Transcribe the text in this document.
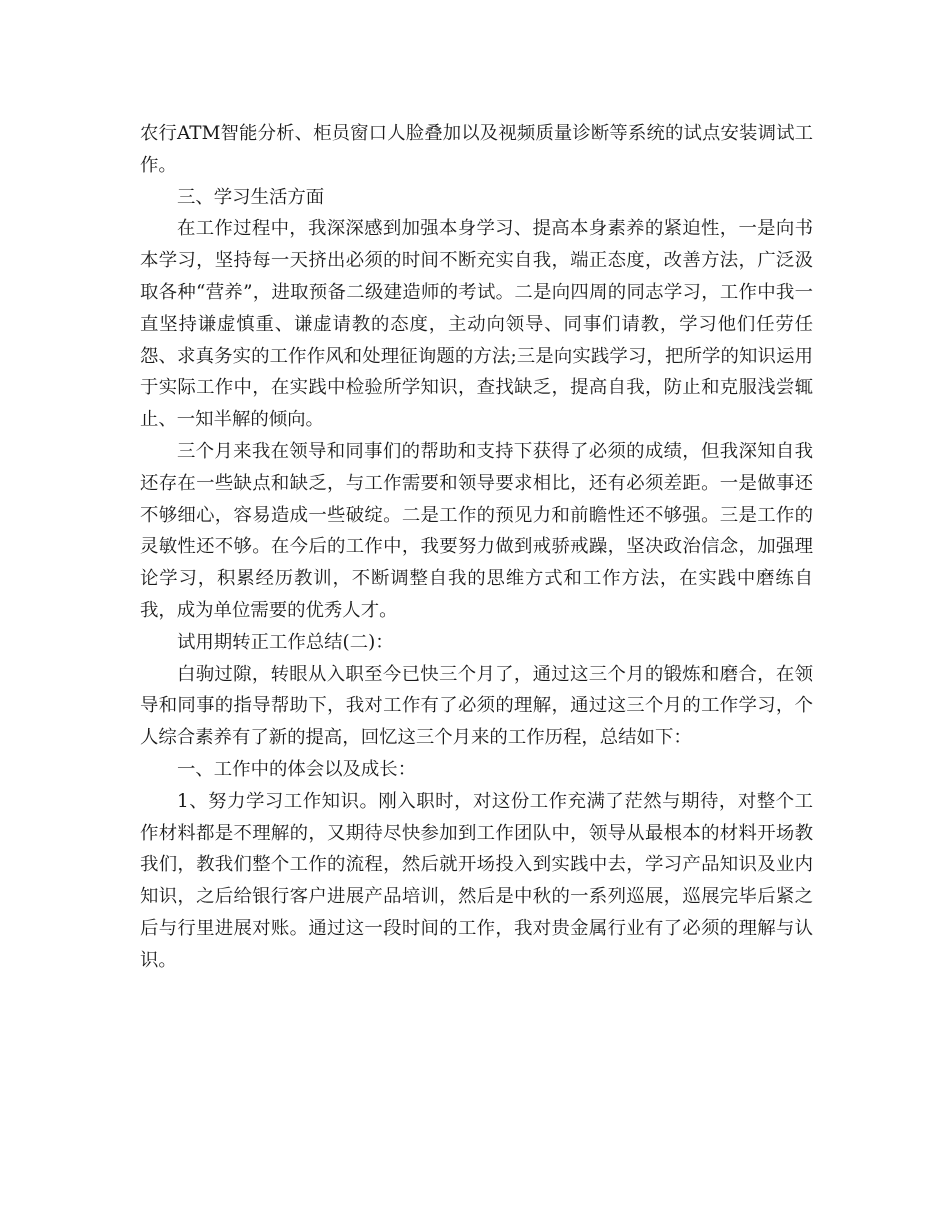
农行ATM智能分析、柜员窗口人脸叠加以及视频质量诊断等系统的试点安装调试工作。

三、学习生活方面

在工作过程中，我深深感到加强本身学习、提高本身素养的紧迫性，一是向书本学习，坚持每一天挤出必须的时间不断充实自我，端正态度，改善方法，广泛汲取各种“营养”，进取预备二级建造师的考试。二是向四周的同志学习，工作中我一直坚持谦虚慎重、谦虚请教的态度，主动向领导、同事们请教，学习他们任劳任怨、求真务实的工作作风和处理征询题的方法;三是向实践学习，把所学的知识运用于实际工作中，在实践中检验所学知识，查找缺乏，提高自我，防止和克服浅尝辄止、一知半解的倾向。

三个月来我在领导和同事们的帮助和支持下获得了必须的成绩，但我深知自我还存在一些缺点和缺乏，与工作需要和领导要求相比，还有必须差距。一是做事还不够细心，容易造成一些破绽。二是工作的预见力和前瞻性还不够强。三是工作的灵敏性还不够。在今后的工作中，我要努力做到戒骄戒躁，坚决政治信念，加强理论学习，积累经历教训，不断调整自我的思维方式和工作方法，在实践中磨练自我，成为单位需要的优秀人才。

试用期转正工作总结(二)：

白驹过隙，转眼从入职至今已快三个月了，通过这三个月的锻炼和磨合，在领导和同事的指导帮助下，我对工作有了必须的理解，通过这三个月的工作学习，个人综合素养有了新的提高，回忆这三个月来的工作历程，总结如下：

一、工作中的体会以及成长：

1、努力学习工作知识。刚入职时，对这份工作充满了茫然与期待，对整个工作材料都是不理解的，又期待尽快参加到工作团队中，领导从最根本的材料开场教我们，教我们整个工作的流程，然后就开场投入到实践中去，学习产品知识及业内知识，之后给银行客户进展产品培训，然后是中秋的一系列巡展，巡展完毕后紧之后与行里进展对账。通过这一段时间的工作，我对贵金属行业有了必须的理解与认识。
